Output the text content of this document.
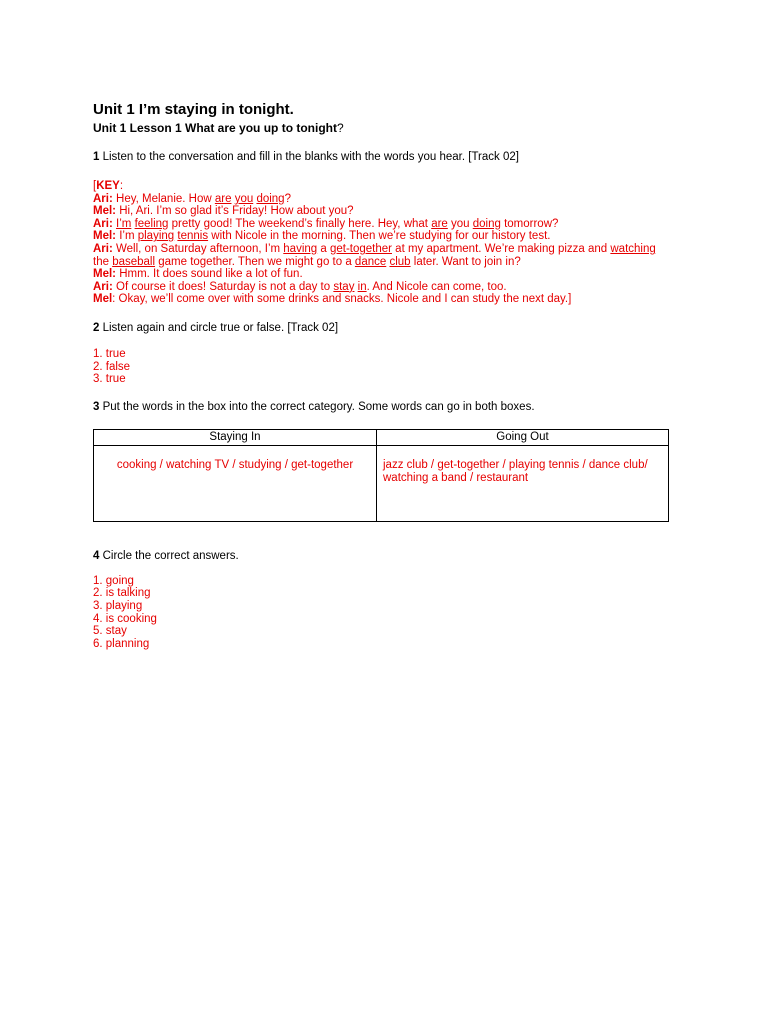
Unit 1 I’m staying in tonight.

Unit 1 Lesson 1 What are you up to tonight?

1 Listen to the conversation and fill in the blanks with the words you hear. [Track 02]

[KEY:
Ari: Hey, Melanie. How are you doing?
Mel: Hi, Ari. I’m so glad it’s Friday! How about you?
Ari: I’m feeling pretty good! The weekend’s finally here. Hey, what are you doing tomorrow?
Mel: I’m playing tennis with Nicole in the morning. Then we’re studying for our history test.
Ari: Well, on Saturday afternoon, I’m having a get-together at my apartment. We’re making pizza and watching
the baseball game together. Then we might go to a dance club later. Want to join in?
Mel: Hmm. It does sound like a lot of fun.
Ari: Of course it does! Saturday is not a day to stay in. And Nicole can come, too.
Mel: Okay, we’ll come over with some drinks and snacks. Nicole and I can study the next day.]

2 Listen again and circle true or false. [Track 02]

1. true
2. false
3. true

3 Put the words in the box into the correct category. Some words can go in both boxes.

Staying In	Going Out
cooking / watching TV / studying / get-together	jazz club / get-together / playing tennis / dance club/ watching a band / restaurant

4 Circle the correct answers.

1. going
2. is talking
3. playing
4. is cooking
5. stay
6. planning
